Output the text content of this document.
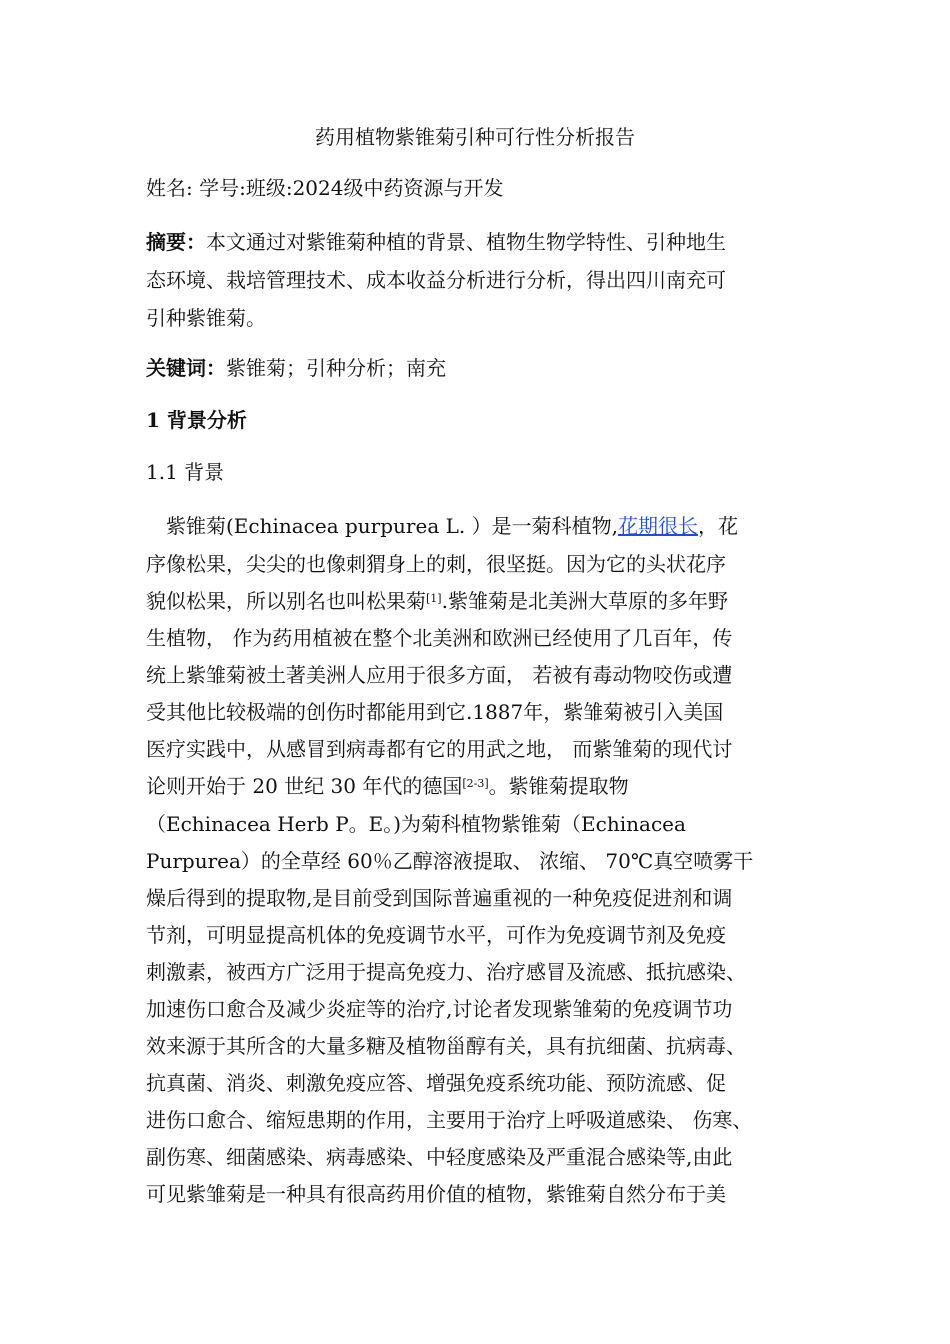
药用植物紫锥菊引种可行性分析报告
姓名: 学号:班级:2024级中药资源与开发
摘要：本文通过对紫锥菊种植的背景、植物生物学特性、引种地生
态环境、栽培管理技术、成本收益分析进行分析，得出四川南充可
引种紫锥菊。
关键词：紫锥菊；引种分析；南充
1 背景分析
1.1 背景
紫锥菊(Echinacea purpurea L. ）是一菊科植物,花期很长，花
序像松果，尖尖的也像刺猬身上的刺，很坚挺。因为它的头状花序
貌似松果，所以别名也叫松果菊[1].紫雏菊是北美洲大草原的多年野
生植物， 作为药用植被在整个北美洲和欧洲已经使用了几百年，传
统上紫雏菊被土著美洲人应用于很多方面， 若被有毒动物咬伤或遭
受其他比较极端的创伤时都能用到它.1887年，紫雏菊被引入美国
医疗实践中，从感冒到病毒都有它的用武之地， 而紫雏菊的现代讨
论则开始于 20 世纪 30 年代的德国[2-3]。紫锥菊提取物
（Echinacea Herb P。E。)为菊科植物紫锥菊（Echinacea
Purpurea）的全草经 60％乙醇溶液提取、 浓缩、 70℃真空喷雾干
燥后得到的提取物,是目前受到国际普遍重视的一种免疫促进剂和调
节剂，可明显提高机体的免疫调节水平，可作为免疫调节剂及免疫
刺激素，被西方广泛用于提高免疫力、治疗感冒及流感、抵抗感染、
加速伤口愈合及减少炎症等的治疗,讨论者发现紫雏菊的免疫调节功
效来源于其所含的大量多糖及植物甾醇有关，具有抗细菌、抗病毒、
抗真菌、消炎、刺激免疫应答、增强免疫系统功能、预防流感、促
进伤口愈合、缩短患期的作用，主要用于治疗上呼吸道感染、 伤寒、
副伤寒、细菌感染、病毒感染、中轻度感染及严重混合感染等,由此
可见紫雏菊是一种具有很高药用价值的植物，紫锥菊自然分布于美
